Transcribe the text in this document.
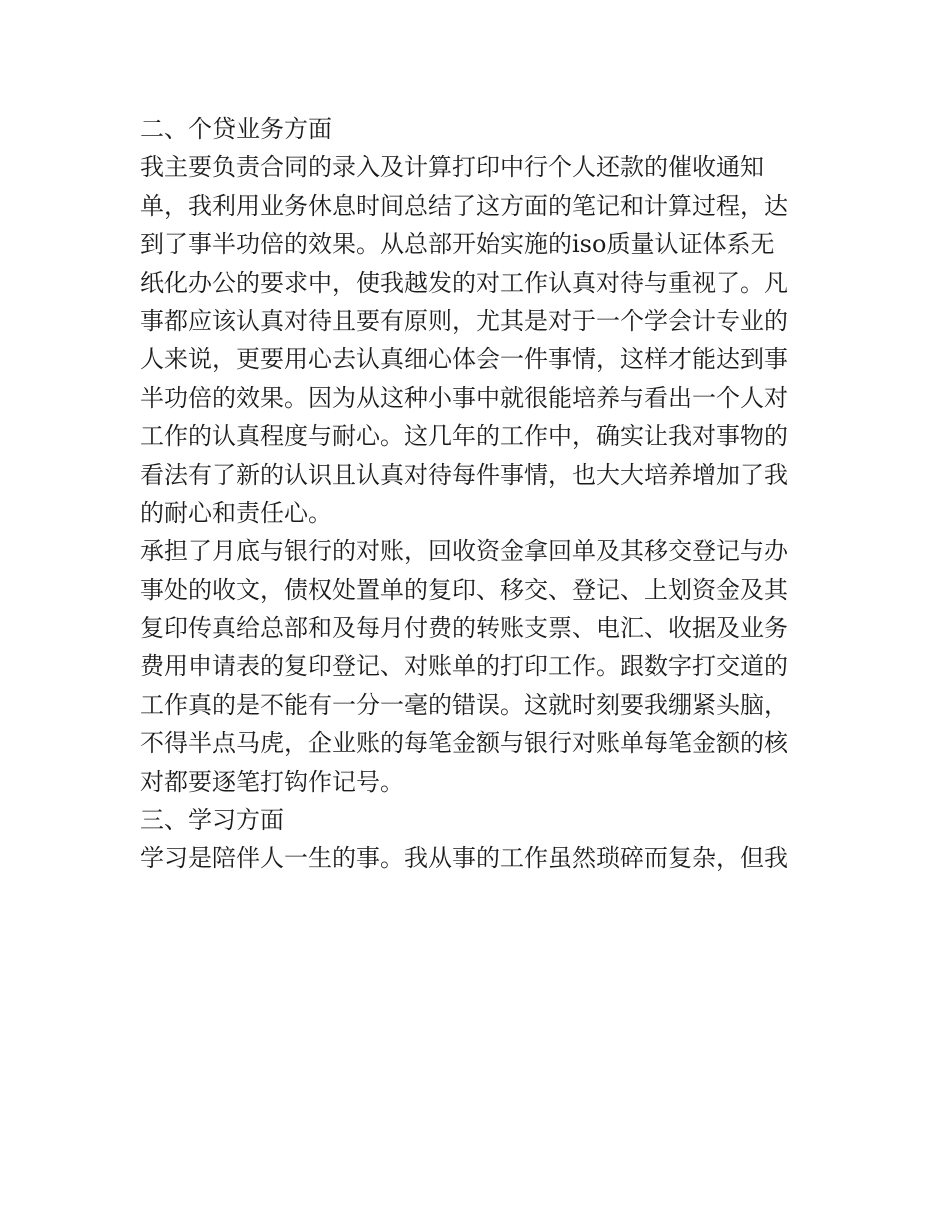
二、个贷业务方面
我主要负责合同的录入及计算打印中行个人还款的催收通知
单，我利用业务休息时间总结了这方面的笔记和计算过程，达
到了事半功倍的效果。从总部开始实施的iso质量认证体系无
纸化办公的要求中，使我越发的对工作认真对待与重视了。凡
事都应该认真对待且要有原则，尤其是对于一个学会计专业的
人来说，更要用心去认真细心体会一件事情，这样才能达到事
半功倍的效果。因为从这种小事中就很能培养与看出一个人对
工作的认真程度与耐心。这几年的工作中，确实让我对事物的
看法有了新的认识且认真对待每件事情，也大大培养增加了我
的耐心和责任心。
承担了月底与银行的对账，回收资金拿回单及其移交登记与办
事处的收文，债权处置单的复印、移交、登记、上划资金及其
复印传真给总部和及每月付费的转账支票、电汇、收据及业务
费用申请表的复印登记、对账单的打印工作。跟数字打交道的
工作真的是不能有一分一毫的错误。这就时刻要我绷紧头脑，
不得半点马虎，企业账的每笔金额与银行对账单每笔金额的核
对都要逐笔打钩作记号。
三、学习方面
学习是陪伴人一生的事。我从事的工作虽然琐碎而复杂，但我
